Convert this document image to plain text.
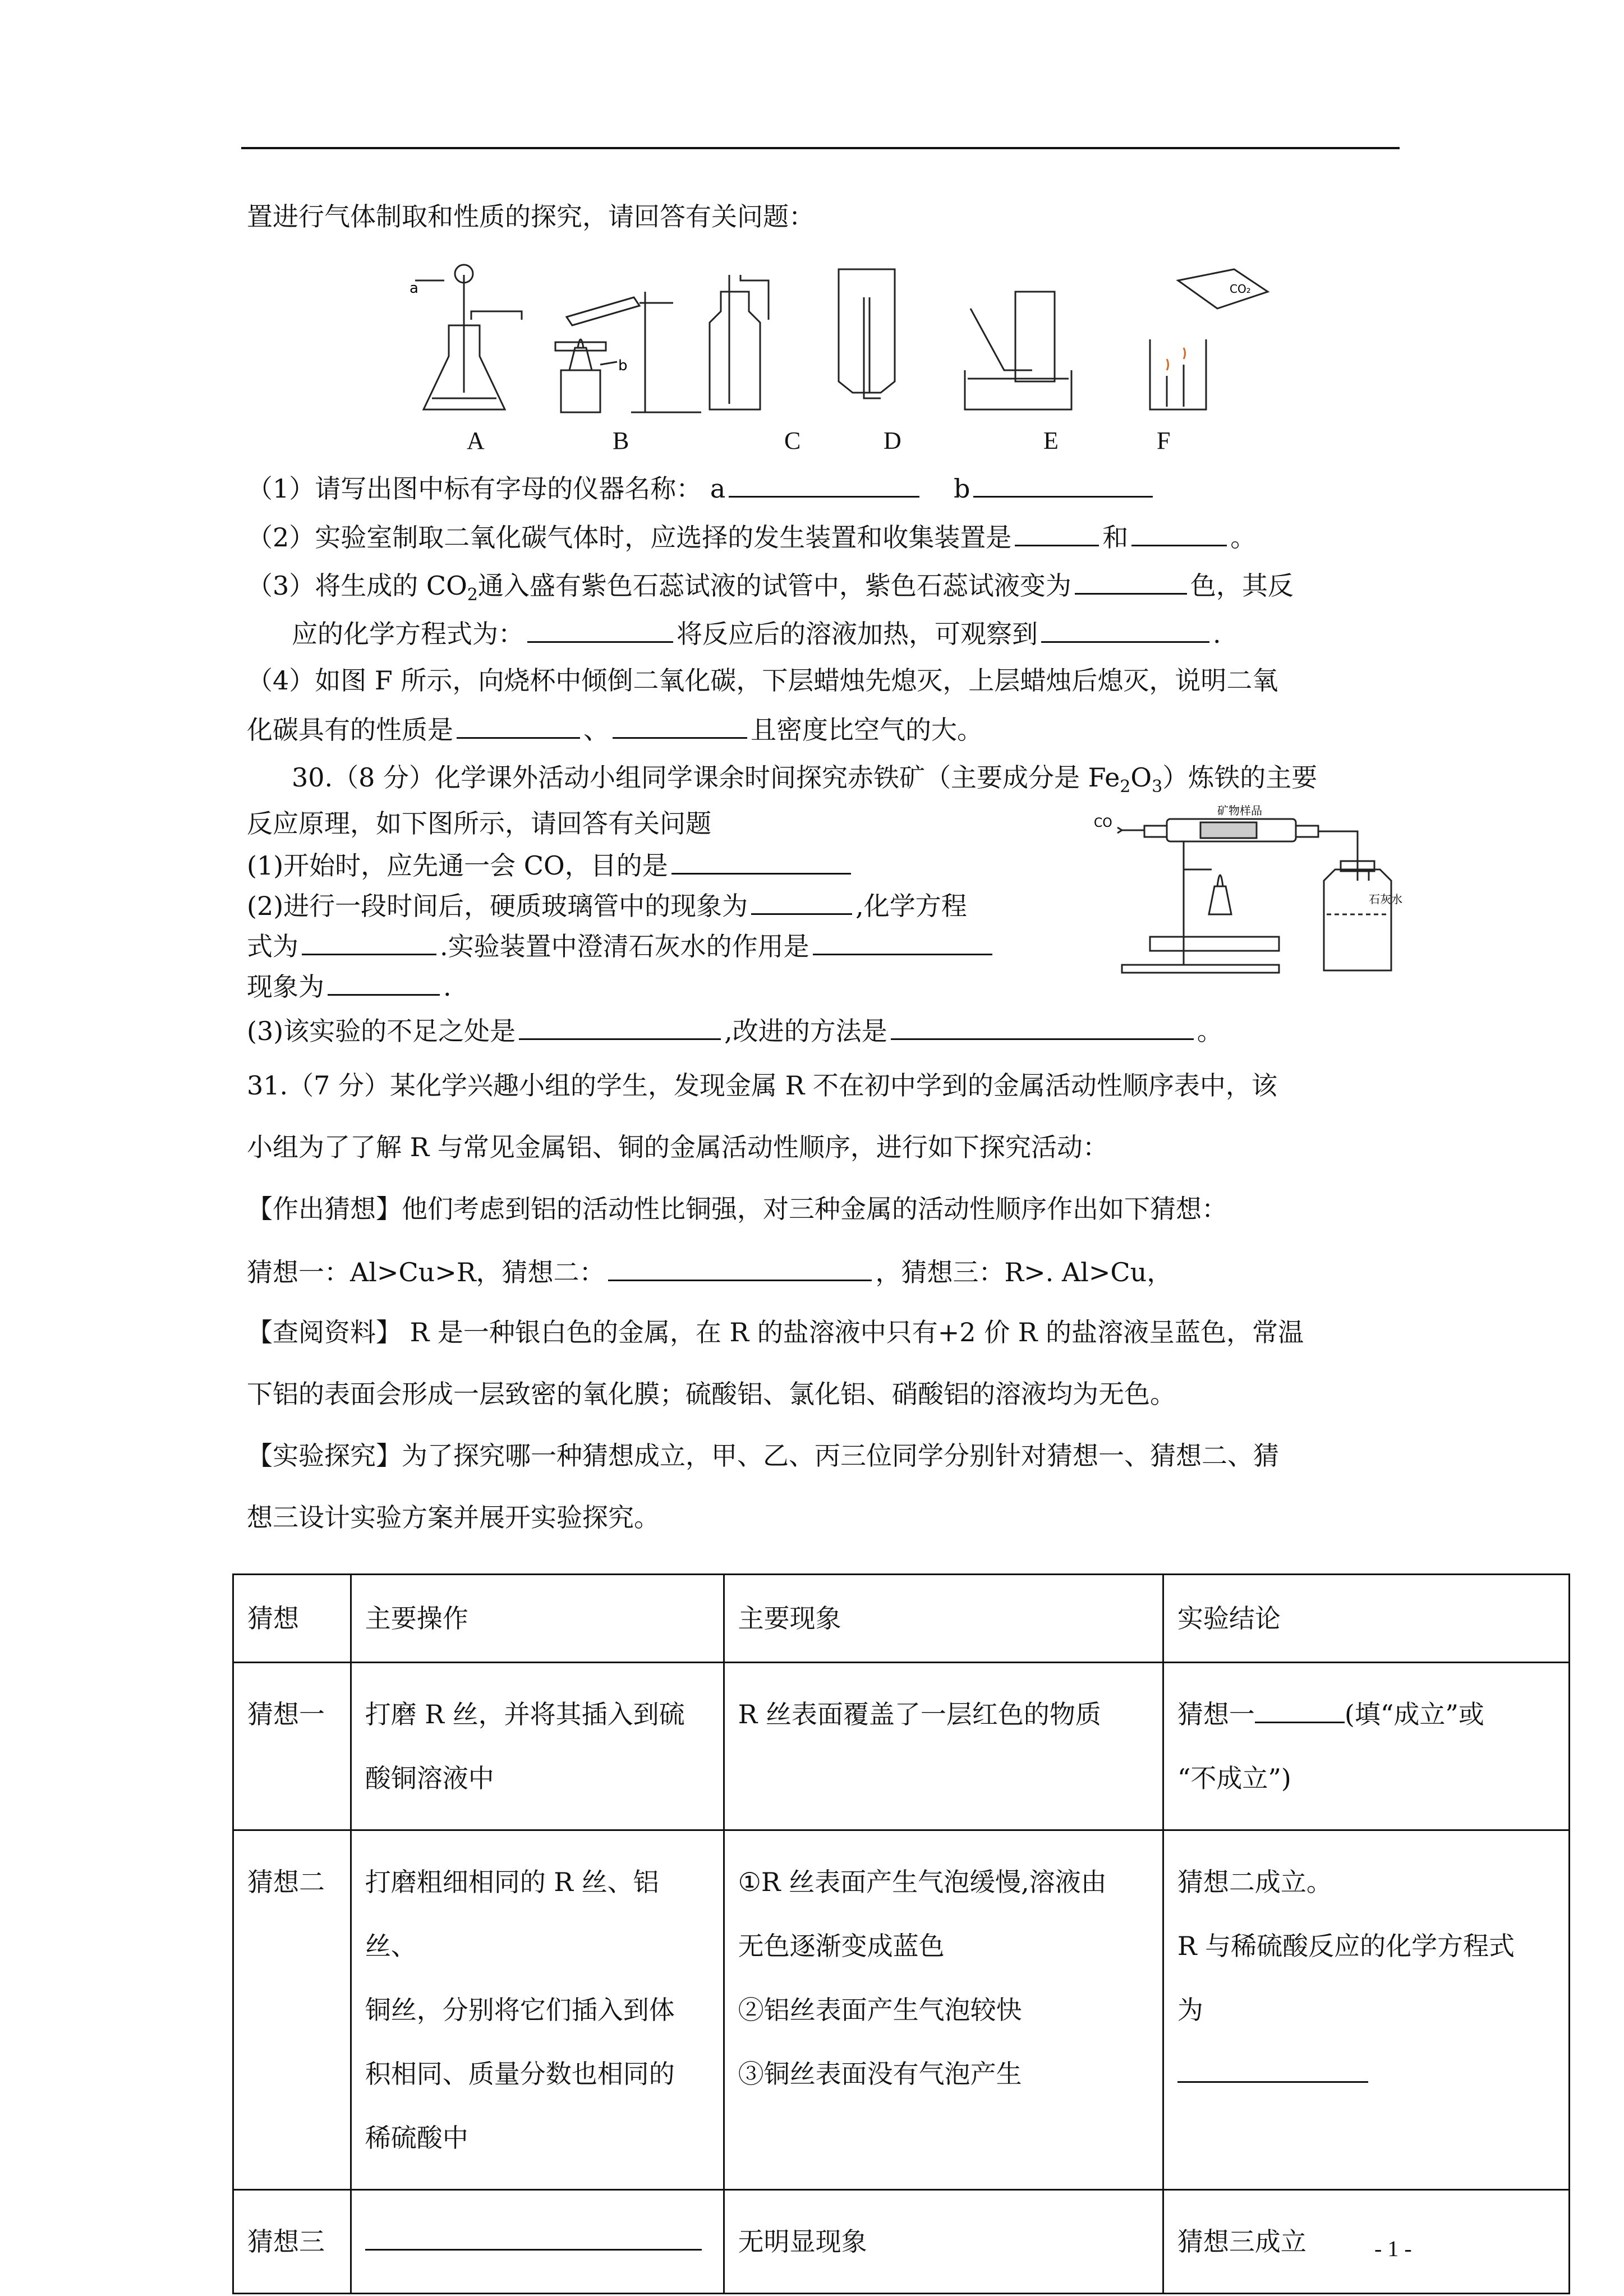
置进行气体制取和性质的探究，请回答有关问题：
a
b
CO₂
A	B	C	D	E	F
（1）请写出图中标有字母的仪器名称： a	b
（2）实验室制取二氧化碳气体时，应选择的发生装置和收集装置是	和	。
（3）将生成的 $CO_2$通入盛有紫色石蕊试液的试管中，紫色石蕊试液变为	色，其反
应的化学方程式为：	将反应后的溶液加热，可观察到	.
（4）如图 F 所示，向烧杯中倾倒二氧化碳，下层蜡烛先熄灭，上层蜡烛后熄灭，说明二氧
化碳具有的性质是	、	且密度比空气的大。
30.（8 分）化学课外活动小组同学课余时间探究赤铁矿（主要成分是 $Fe_2O_3$）炼铁的主要
反应原理，如下图所示，请回答有关问题
(1)开始时，应先通一会 CO，目的是
(2)进行一段时间后，硬质玻璃管中的现象为	,化学方程
式为	.实验装置中澄清石灰水的作用是
现象为	.
(3)该实验的不足之处是	,改进的方法是	。
CO
矿物样品
石灰水
31.（7 分）某化学兴趣小组的学生，发现金属 R 不在初中学到的金属活动性顺序表中，该
小组为了了解 R 与常见金属铝、铜的金属活动性顺序，进行如下探究活动：
【作出猜想】他们考虑到铝的活动性比铜强，对三种金属的活动性顺序作出如下猜想：
猜想一：Al>Cu>R，猜想二：	，猜想三：R>. Al>Cu，
【查阅资料】 R 是一种银白色的金属，在 R 的盐溶液中只有+2 价 R 的盐溶液呈蓝色，常温
下铝的表面会形成一层致密的氧化膜；硫酸铝、氯化铝、硝酸铝的溶液均为无色。
【实验探究】为了探究哪一种猜想成立，甲、乙、丙三位同学分别针对猜想一、猜想二、猜
想三设计实验方案并展开实验探究。
猜想	主要操作	主要现象	实验结论
猜想一	打磨 R 丝，并将其插入到硫
酸铜溶液中	R 丝表面覆盖了一层红色的物质	猜想一 (填“成立”或
“不成立”)
猜想二	打磨粗细相同的 R 丝、铝丝、
铜丝，分别将它们插入到体
积相同、质量分数也相同的
稀硫酸中	①R 丝表面产生气泡缓慢,溶液由
无色逐渐变成蓝色
②铝丝表面产生气泡较快
③铜丝表面没有气泡产生	猜想二成立。
R 与稀硫酸反应的化学方程式
为

猜想三		无明显现象	猜想三成立	- 1 -
